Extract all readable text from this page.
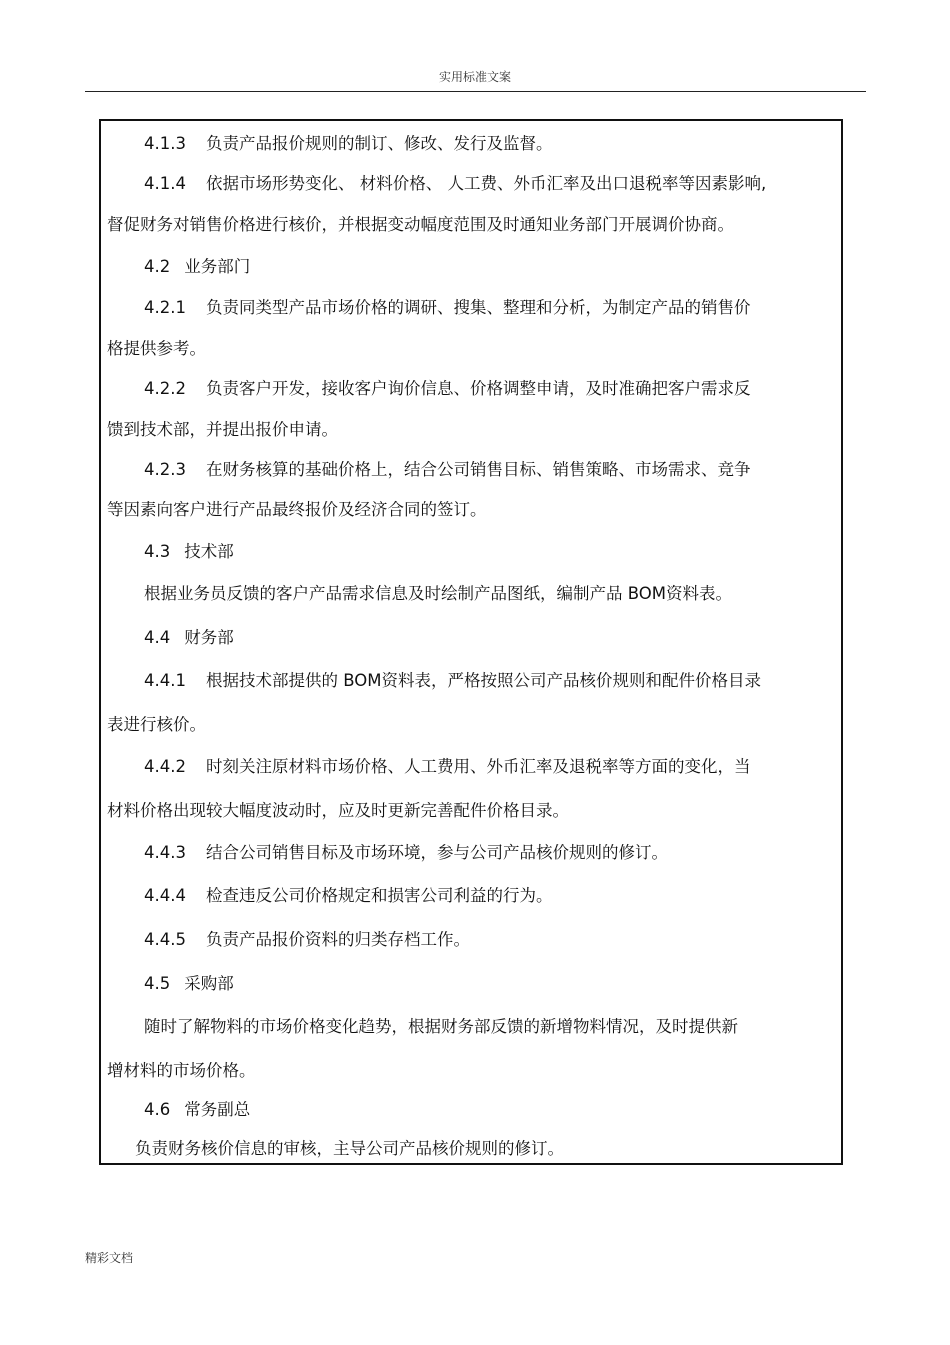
实用标准文案
4.1.3 负责产品报价规则的制订、修改、发行及监督。
4.1.4 依据市场形势变化、 材料价格、 人工费、外币汇率及出口退税率等因素影响,
督促财务对销售价格进行核价，并根据变动幅度范围及时通知业务部门开展调价协商。
4.2 业务部门
4.2.1 负责同类型产品市场价格的调研、搜集、整理和分析，为制定产品的销售价
格提供参考。
4.2.2 负责客户开发，接收客户询价信息、价格调整申请，及时准确把客户需求反
馈到技术部，并提出报价申请。
4.2.3 在财务核算的基础价格上，结合公司销售目标、销售策略、市场需求、竞争
等因素向客户进行产品最终报价及经济合同的签订。
4.3 技术部
根据业务员反馈的客户产品需求信息及时绘制产品图纸，编制产品 BOM资料表。
4.4 财务部
4.4.1 根据技术部提供的 BOM资料表，严格按照公司产品核价规则和配件价格目录
表进行核价。
4.4.2 时刻关注原材料市场价格、人工费用、外币汇率及退税率等方面的变化，当
材料价格出现较大幅度波动时，应及时更新完善配件价格目录。
4.4.3 结合公司销售目标及市场环境，参与公司产品核价规则的修订。
4.4.4 检查违反公司价格规定和损害公司利益的行为。
4.4.5 负责产品报价资料的归类存档工作。
4.5 采购部
随时了解物料的市场价格变化趋势，根据财务部反馈的新增物料情况，及时提供新
增材料的市场价格。
4.6 常务副总
负责财务核价信息的审核，主导公司产品核价规则的修订。
精彩文档
